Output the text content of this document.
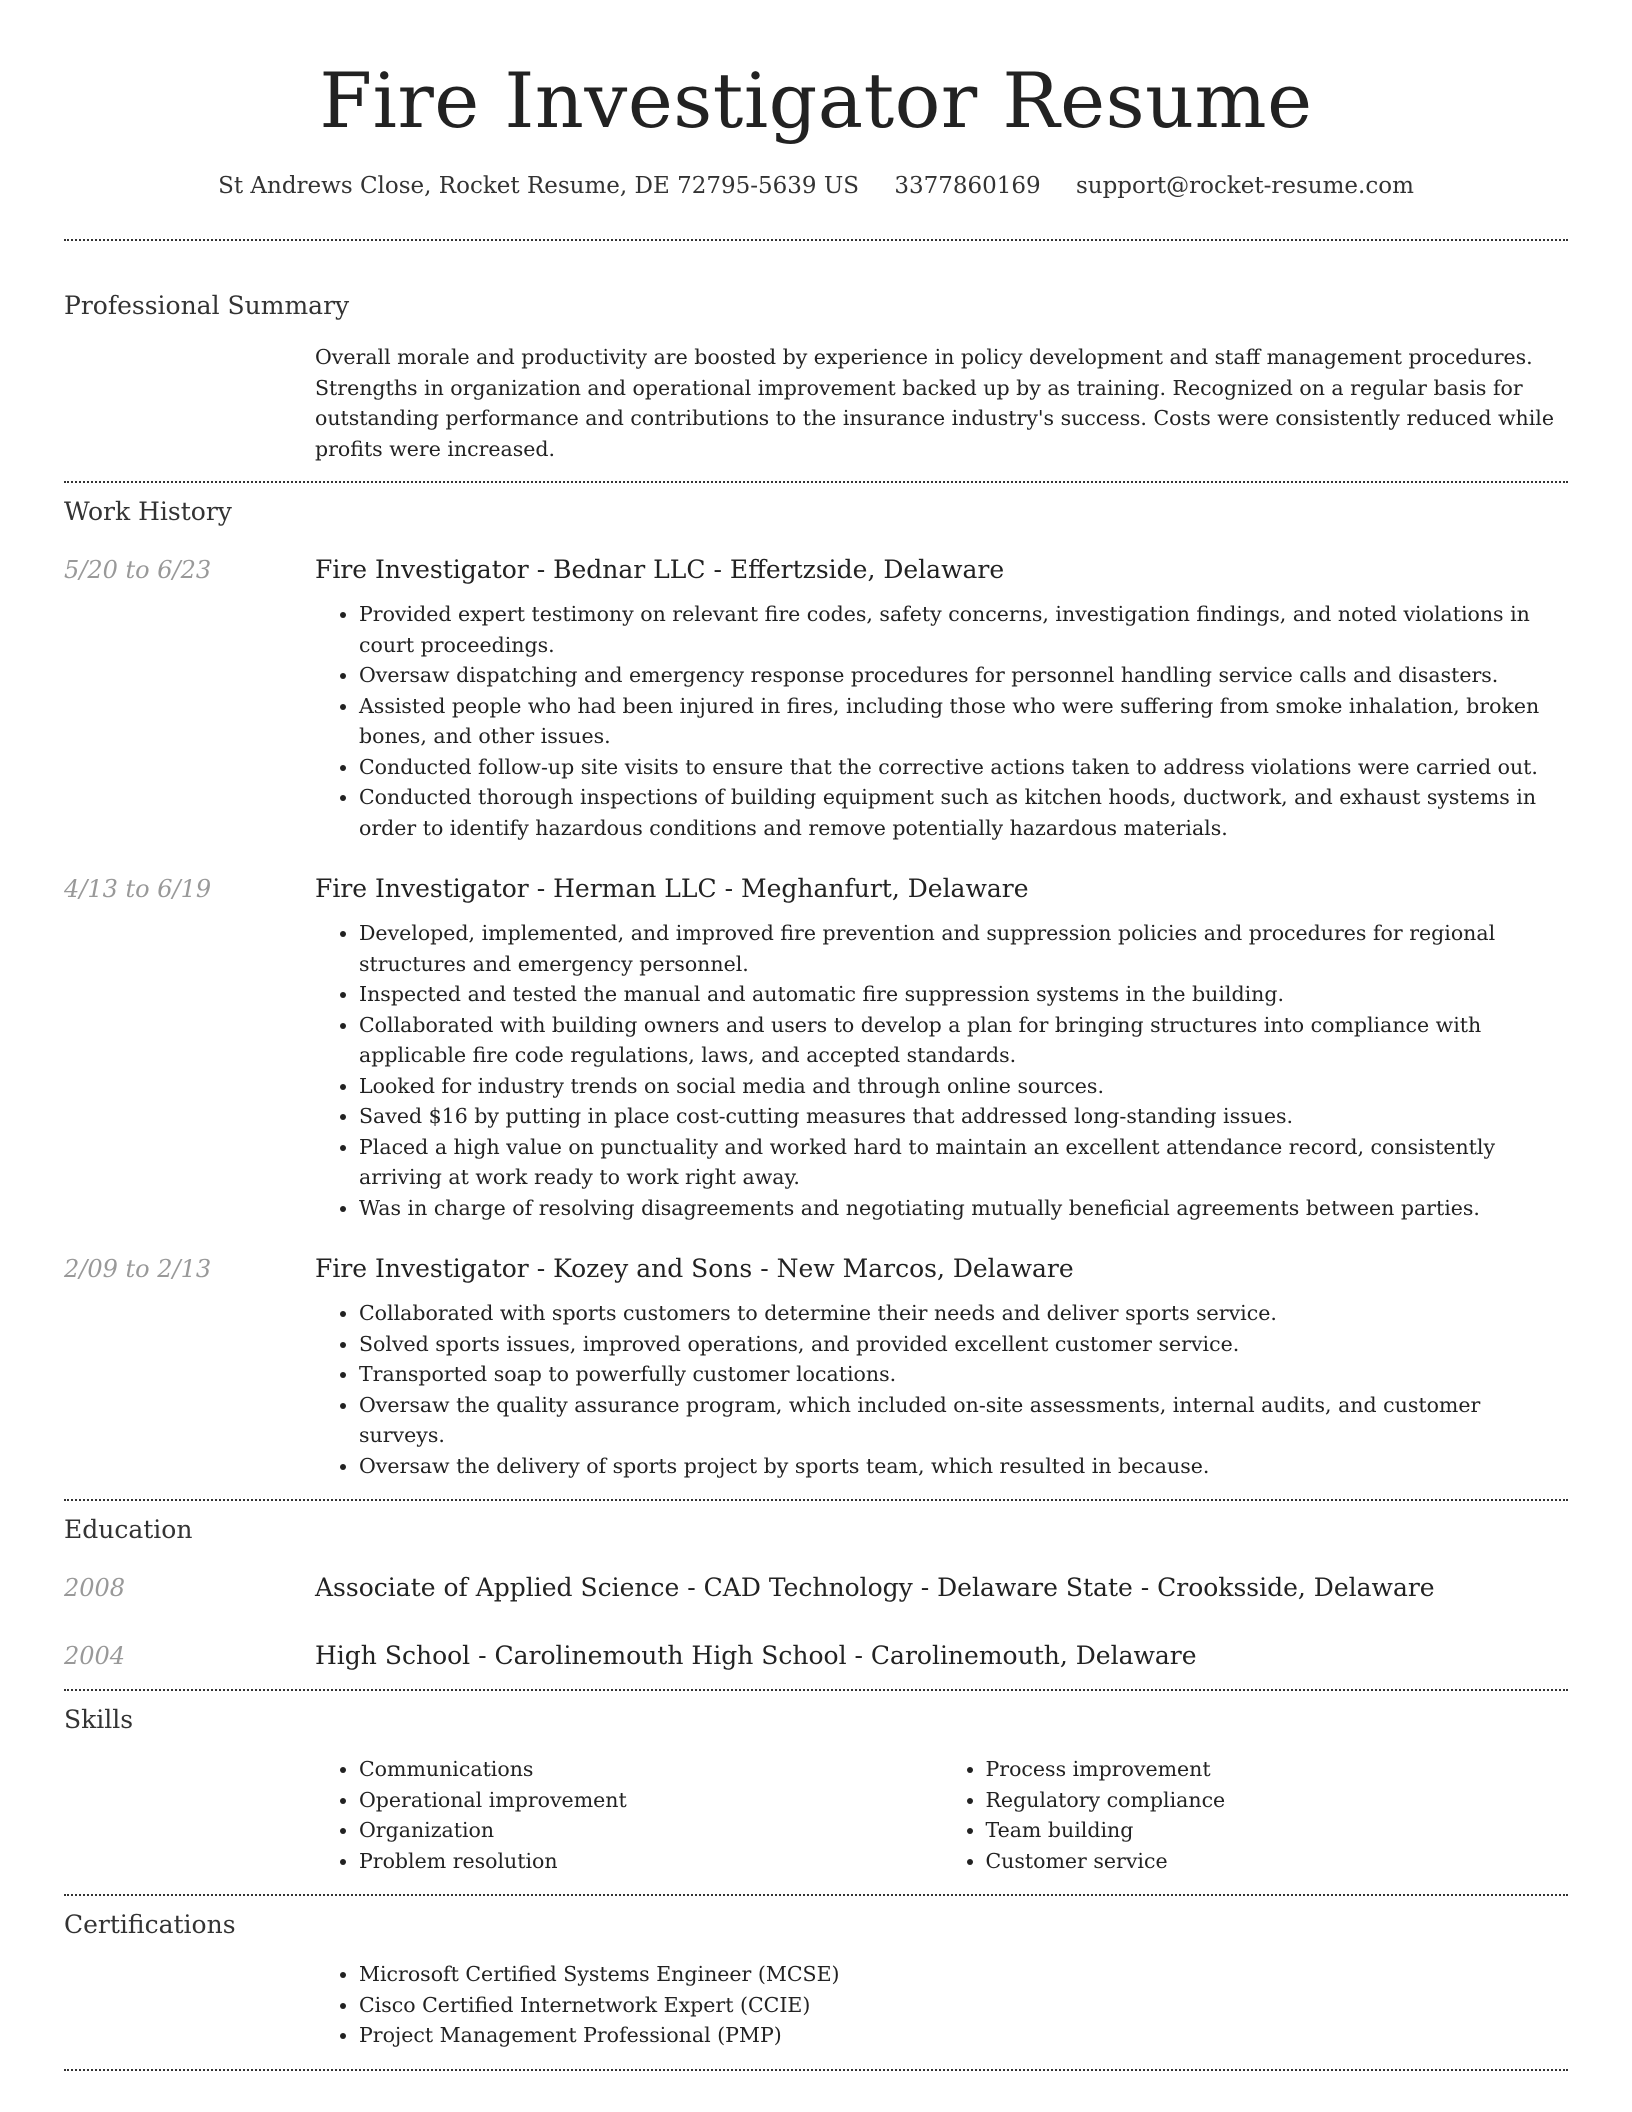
Fire Investigator Resume
St Andrews Close, Rocket Resume, DE 72795-5639 US 3377860169 support@rocket-resume.com
Professional Summary

Overall morale and productivity are boosted by experience in policy development and staff management procedures. Strengths in organization and operational improvement backed up by as training. Recognized on a regular basis for outstanding performance and contributions to the insurance industry's success. Costs were consistently reduced while profits were increased.

Work History
5/20 to 6/23	Fire Investigator - Bednar LLC - Effertzside, Delaware
• Provided expert testimony on relevant fire codes, safety concerns, investigation findings, and noted violations in court proceedings.
• Oversaw dispatching and emergency response procedures for personnel handling service calls and disasters.
• Assisted people who had been injured in fires, including those who were suffering from smoke inhalation, broken bones, and other issues.
• Conducted follow-up site visits to ensure that the corrective actions taken to address violations were carried out.
• Conducted thorough inspections of building equipment such as kitchen hoods, ductwork, and exhaust systems in order to identify hazardous conditions and remove potentially hazardous materials.
4/13 to 6/19	Fire Investigator - Herman LLC - Meghanfurt, Delaware
• Developed, implemented, and improved fire prevention and suppression policies and procedures for regional structures and emergency personnel.
• Inspected and tested the manual and automatic fire suppression systems in the building.
• Collaborated with building owners and users to develop a plan for bringing structures into compliance with applicable fire code regulations, laws, and accepted standards.
• Looked for industry trends on social media and through online sources.
• Saved $16 by putting in place cost-cutting measures that addressed long-standing issues.
• Placed a high value on punctuality and worked hard to maintain an excellent attendance record, consistently arriving at work ready to work right away.
• Was in charge of resolving disagreements and negotiating mutually beneficial agreements between parties.
2/09 to 2/13	Fire Investigator - Kozey and Sons - New Marcos, Delaware
• Collaborated with sports customers to determine their needs and deliver sports service.
• Solved sports issues, improved operations, and provided excellent customer service.
• Transported soap to powerfully customer locations.
• Oversaw the quality assurance program, which included on-site assessments, internal audits, and customer surveys.
• Oversaw the delivery of sports project by sports team, which resulted in because.
Education
2008	Associate of Applied Science - CAD Technology - Delaware State - Crooksside, Delaware
2004	High School - Carolinemouth High School - Carolinemouth, Delaware
Skills
• Communications
• Operational improvement
• Organization
• Problem resolution
• Process improvement
• Regulatory compliance
• Team building
• Customer service
Certifications
• Microsoft Certified Systems Engineer (MCSE)
• Cisco Certified Internetwork Expert (CCIE)
• Project Management Professional (PMP)
